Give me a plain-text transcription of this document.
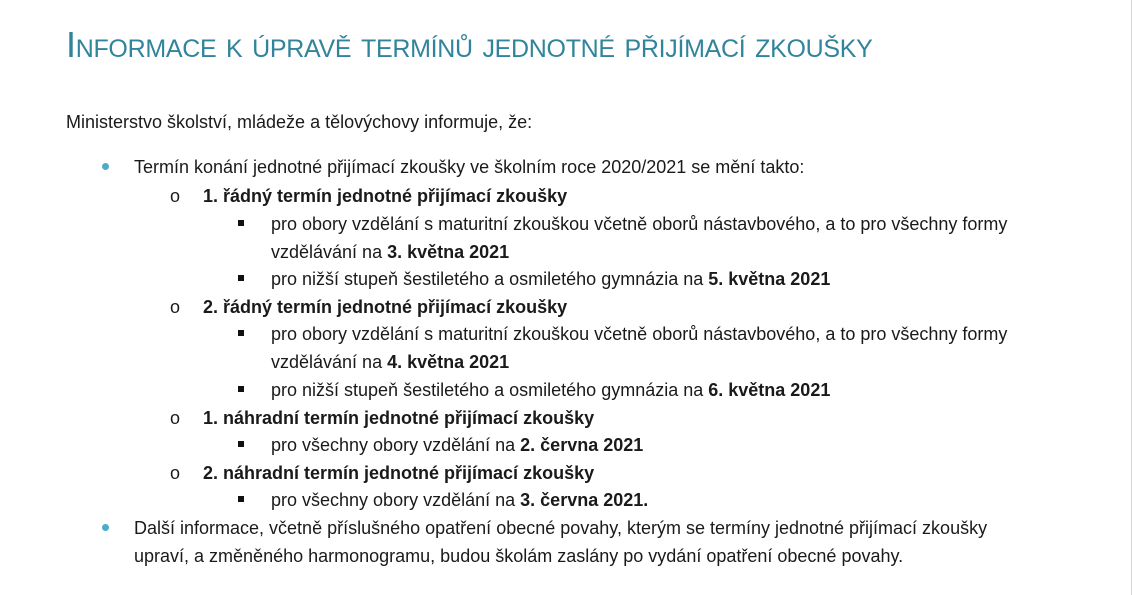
Informace k úpravě termínů jednotné přijímací zkoušky
Ministerstvo školství, mládeže a tělovýchovy informuje, že:
Termín konání jednotné přijímací zkoušky ve školním roce 2020/2021 se mění takto:
o 1. řádný termín jednotné přijímací zkoušky
pro obory vzdělání s maturitní zkouškou včetně oborů nástavbového, a to pro všechny formy
vzdělávání na 3. května 2021
pro nižší stupeň šestiletého a osmiletého gymnázia na 5. května 2021
o 2. řádný termín jednotné přijímací zkoušky
pro obory vzdělání s maturitní zkouškou včetně oborů nástavbového, a to pro všechny formy
vzdělávání na 4. května 2021
pro nižší stupeň šestiletého a osmiletého gymnázia na 6. května 2021
o 1. náhradní termín jednotné přijímací zkoušky
pro všechny obory vzdělání na 2. června 2021
o 2. náhradní termín jednotné přijímací zkoušky
pro všechny obory vzdělání na 3. června 2021.
Další informace, včetně příslušného opatření obecné povahy, kterým se termíny jednotné přijímací zkoušky
upraví, a změněného harmonogramu, budou školám zaslány po vydání opatření obecné povahy.
